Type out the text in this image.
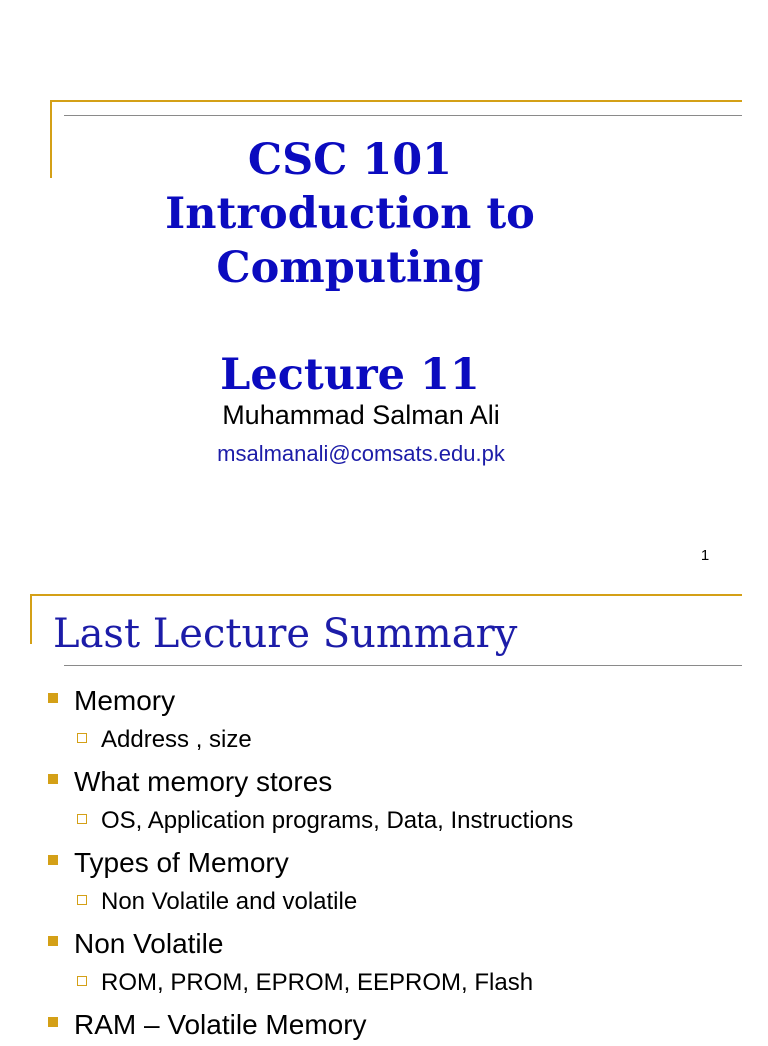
CSC 101
Introduction to
Computing
Lecture 11
Muhammad Salman Ali
msalmanali@comsats.edu.pk
1
Last Lecture Summary
Memory
Address , size
What memory stores
OS, Application programs, Data, Instructions
Types of Memory
Non Volatile and volatile
Non Volatile
ROM, PROM, EPROM, EEPROM, Flash
RAM – Volatile Memory
